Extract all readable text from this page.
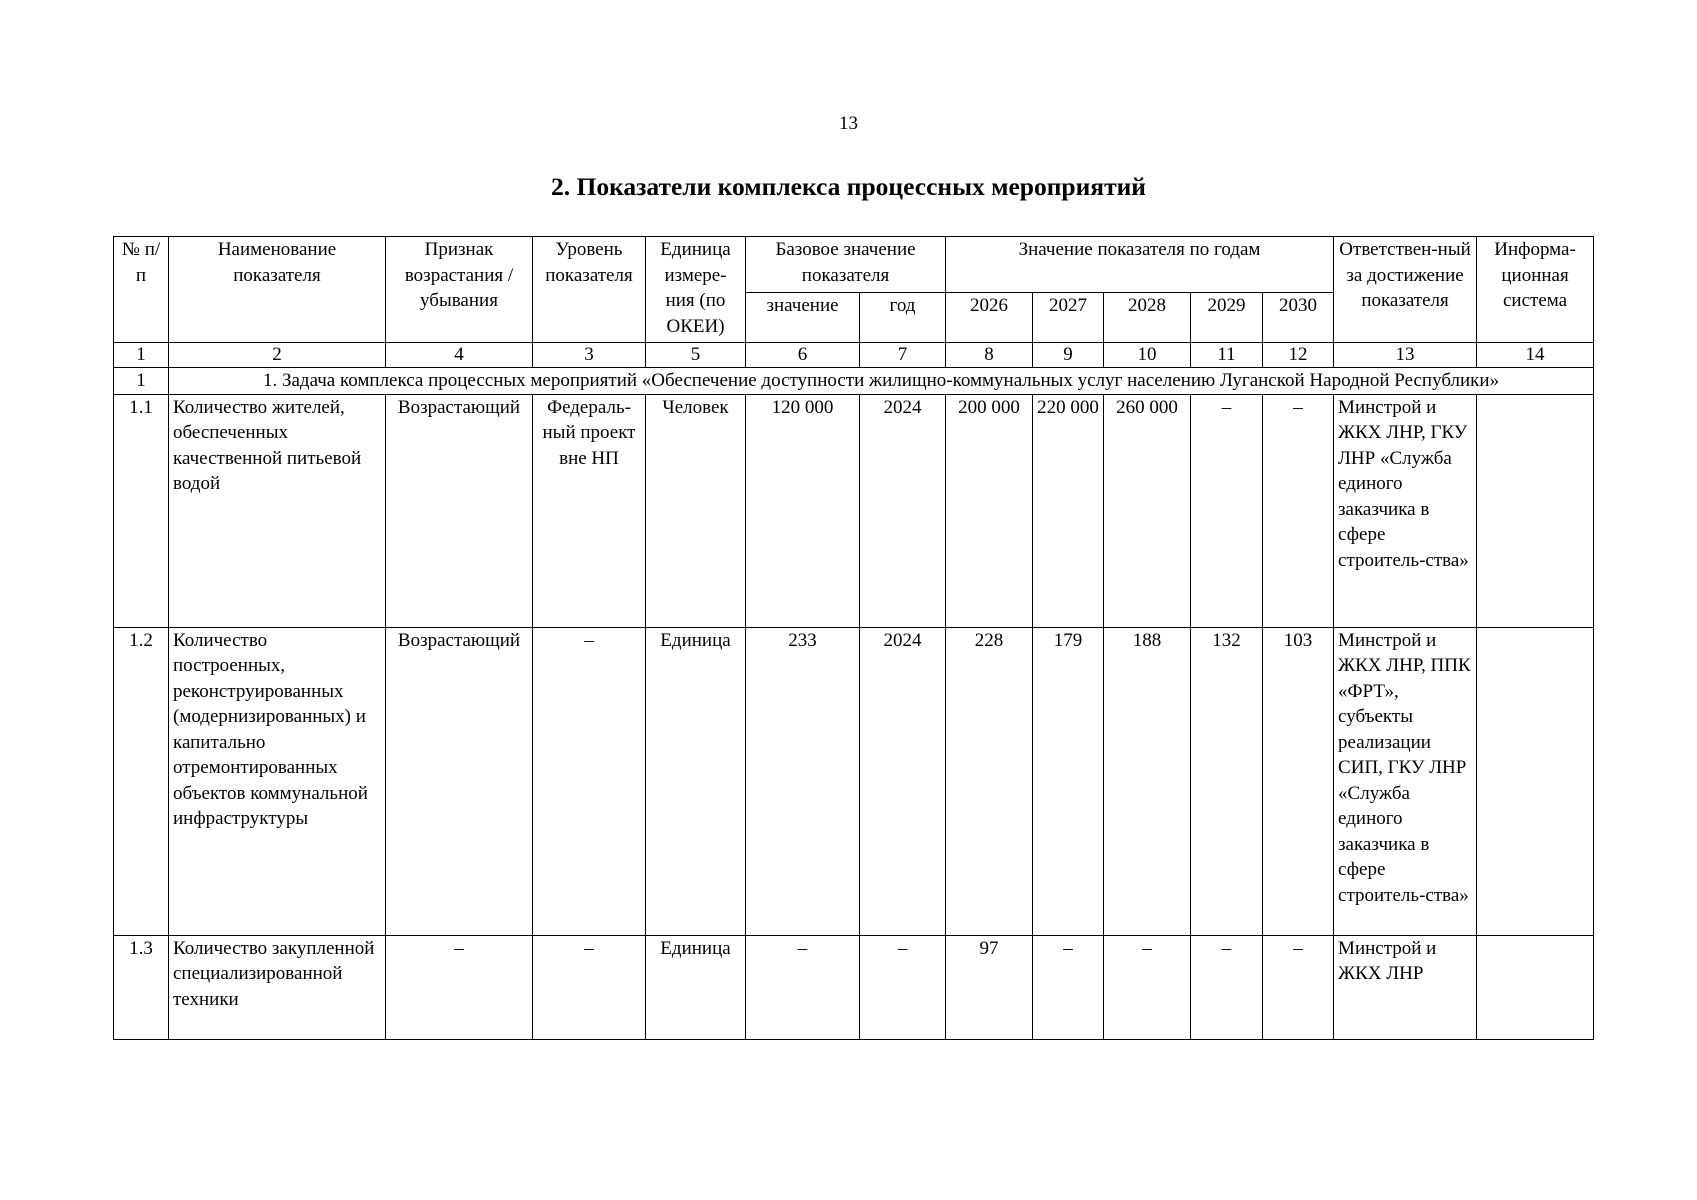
13
2. Показатели комплекса процессных мероприятий
№ п/п	Наименование показателя	Признак возрастания / убывания	Уровень показателя	Единица измере-ния (по ОКЕИ)	Базовое значение показателя		Значение показателя по годам					Ответствен-ный за достижение показателя	Информа-ционная система
					значение	год	2026	2027	2028	2029	2030		
1	2	4	3	5	6	7	8	9	10	11	12	13	14
1	1. Задача комплекса процессных мероприятий «Обеспечение доступности жилищно-коммунальных услуг населению Луганской Народной Республики»												
1.1	Количество жителей, обеспеченных качественной питьевой водой	Возрастающий	Федераль-ный проект вне НП	Человек	120 000	2024	200 000	220 000	260 000	–	–	Минстрой и ЖКХ ЛНР, ГКУ ЛНР «Служба единого заказчика в сфере строитель-ства»	
1.2	Количество построенных, реконструированных (модернизированных) и капитально отремонтированных объектов коммунальной инфраструктуры	Возрастающий	–	Единица	233	2024	228	179	188	132	103	Минстрой и ЖКХ ЛНР, ППК «ФРТ», субъекты реализации СИП, ГКУ ЛНР «Служба единого заказчика в сфере строитель-ства»	
1.3	Количество закупленной специализированной техники	–	–	Единица	–	–	97	–	–	–	–	Минстрой и ЖКХ ЛНР	
